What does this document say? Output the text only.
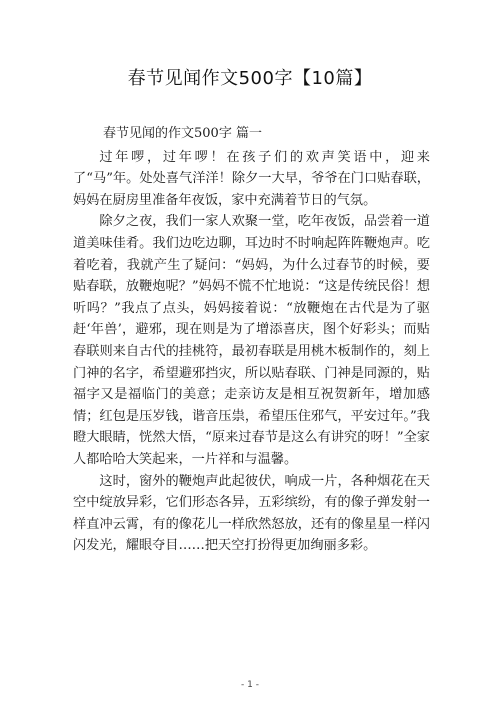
春节见闻作文500字【10篇】

春节见闻的作文500字 篇一

过年啰，过年啰！在孩子们的欢声笑语中，迎来了“马”年。处处喜气洋洋！除夕一大早，爷爷在门口贴春联，妈妈在厨房里准备年夜饭，家中充满着节日的气氛。

除夕之夜，我们一家人欢聚一堂，吃年夜饭，品尝着一道道美味佳肴。我们边吃边聊，耳边时不时响起阵阵鞭炮声。吃着吃着，我就产生了疑问：“妈妈，为什么过春节的时候，要贴春联，放鞭炮呢？”妈妈不慌不忙地说：“这是传统民俗！想听吗？”我点了点头，妈妈接着说：“放鞭炮在古代是为了驱赶‘年兽’，避邪，现在则是为了增添喜庆，图个好彩头；而贴春联则来自古代的挂桃符，最初春联是用桃木板制作的，刻上门神的名字，希望避邪挡灾，所以贴春联、门神是同源的，贴福字又是福临门的美意；走亲访友是相互祝贺新年，增加感情；红包是压岁钱，谐音压祟，希望压住邪气，平安过年。”我瞪大眼睛，恍然大悟，“原来过春节是这么有讲究的呀！”全家人都哈哈大笑起来，一片祥和与温馨。

这时，窗外的鞭炮声此起彼伏，响成一片，各种烟花在天空中绽放异彩，它们形态各异，五彩缤纷，有的像子弹发射一样直冲云霄，有的像花儿一样欣然怒放，还有的像星星一样闪闪发光，耀眼夺目……把天空打扮得更加绚丽多彩。

- 1 -
